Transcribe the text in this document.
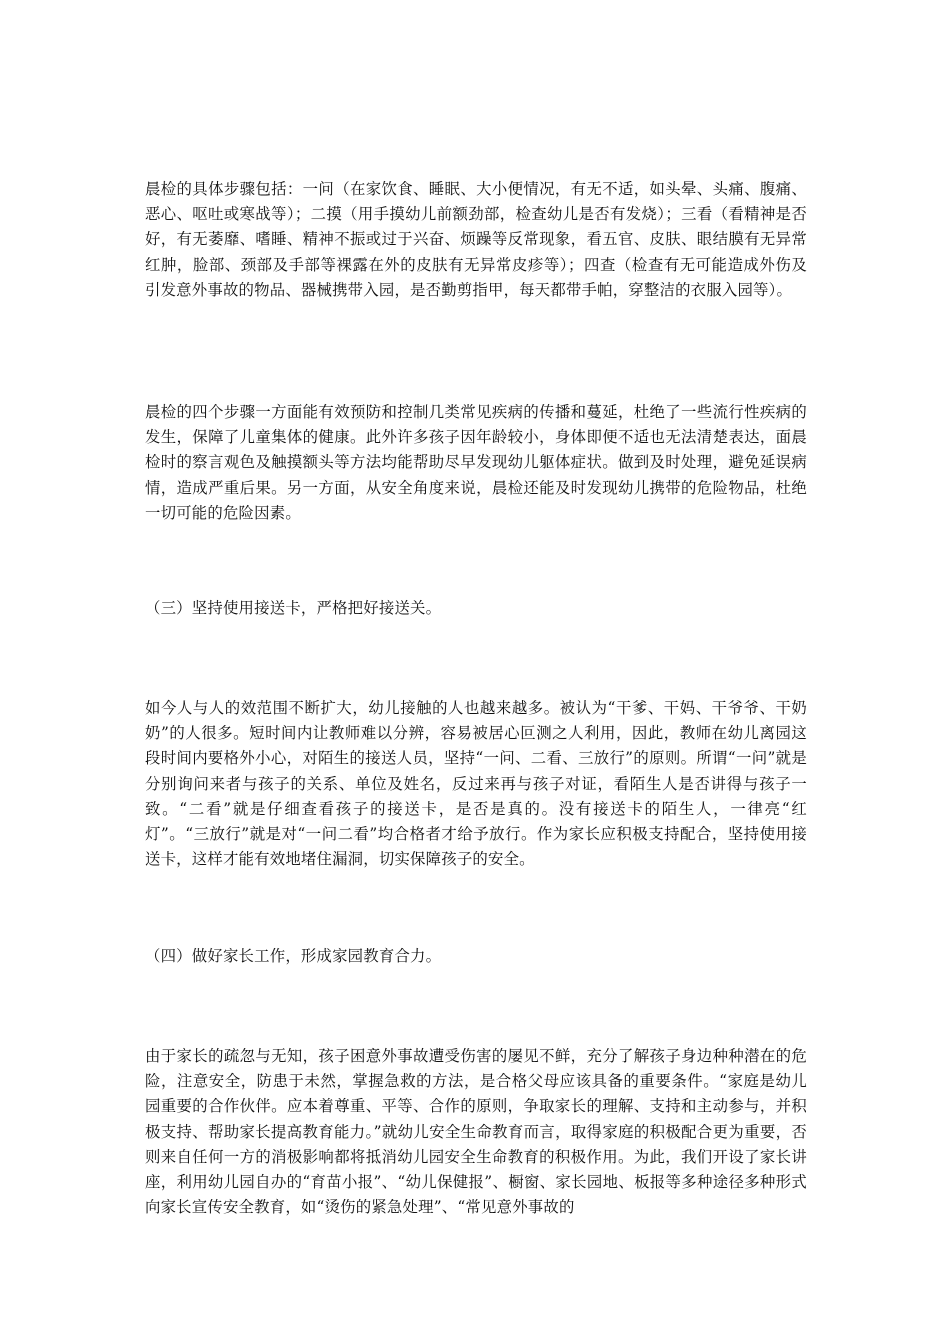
晨检的具体步骤包括：一问（在家饮食、睡眠、大小便情况，有无不适，如头晕、头痛、腹痛、恶心、呕吐或寒战等）；二摸（用手摸幼儿前额劲部，检查幼儿是否有发烧）；三看（看精神是否好，有无萎靡、嗜睡、精神不振或过于兴奋、烦躁等反常现象，看五官、皮肤、眼结膜有无异常红肿，脸部、颈部及手部等裸露在外的皮肤有无异常皮疹等）；四查（检查有无可能造成外伤及引发意外事故的物品、器械携带入园，是否勤剪指甲，每天都带手帕，穿整洁的衣服入园等）。

晨检的四个步骤一方面能有效预防和控制几类常见疾病的传播和蔓延，杜绝了一些流行性疾病的发生，保障了儿童集体的健康。此外许多孩子因年龄较小，身体即便不适也无法清楚表达，面晨检时的察言观色及触摸额头等方法均能帮助尽早发现幼儿躯体症状。做到及时处理，避免延误病情，造成严重后果。另一方面，从安全角度来说，晨检还能及时发现幼儿携带的危险物品，杜绝一切可能的危险因素。

（三）坚持使用接送卡，严格把好接送关。

如今人与人的效范围不断扩大，幼儿接触的人也越来越多。被认为“干爹、干妈、干爷爷、干奶奶”的人很多。短时间内让教师难以分辨，容易被居心叵测之人利用，因此，教师在幼儿离园这段时间内要格外小心，对陌生的接送人员，坚持“一问、二看、三放行”的原则。所谓“一问”就是分别询问来者与孩子的关系、单位及姓名，反过来再与孩子对证，看陌生人是否讲得与孩子一致。“二看”就是仔细查看孩子的接送卡，是否是真的。没有接送卡的陌生人，一律亮“红灯”。“三放行”就是对“一问二看”均合格者才给予放行。作为家长应积极支持配合，坚持使用接送卡，这样才能有效地堵住漏洞，切实保障孩子的安全。

（四）做好家长工作，形成家园教育合力。

由于家长的疏忽与无知，孩子困意外事故遭受伤害的屡见不鲜，充分了解孩子身边种种潜在的危险，注意安全，防患于未然，掌握急救的方法，是合格父母应该具备的重要条件。“家庭是幼儿园重要的合作伙伴。应本着尊重、平等、合作的原则，争取家长的理解、支持和主动参与，并积极支持、帮助家长提高教育能力。”就幼儿安全生命教育而言，取得家庭的积极配合更为重要，否则来自任何一方的消极影响都将抵消幼儿园安全生命教育的积极作用。为此，我们开设了家长讲座，利用幼儿园自办的“育苗小报”、“幼儿保健报”、橱窗、家长园地、板报等多种途径多种形式向家长宣传安全教育，如“烫伤的紧急处理”、“常见意外事故的
